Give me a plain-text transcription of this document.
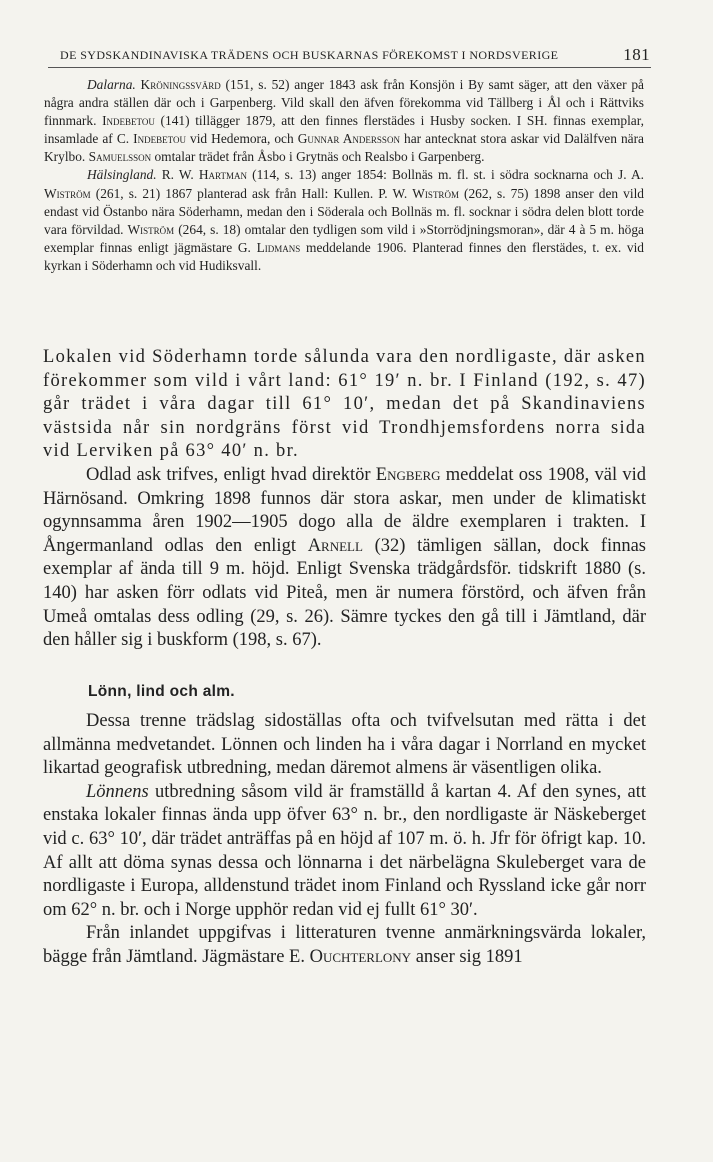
DE SYDSKANDINAVISKA TRÄDENS OCH BUSKARNAS FÖREKOMST I NORDSVERIGE	181

Dalarna. Kröningssvärd (151, s. 52) anger 1843 ask från Konsjön i By samt säger, att den växer på några andra ställen där och i Garpenberg. Vild skall den äfven förekomma vid Tällberg i Ål och i Rättviks finnmark. Indebetou (141) tillägger 1879, att den finnes flerstädes i Husby socken. I SH. finnas exemplar, insamlade af C. Indebetou vid Hedemora, och Gunnar Andersson har antecknat stora askar vid Dalälfven nära Krylbo. Samuelsson omtalar trädet från Åsbo i Grytnäs och Realsbo i Garpenberg.

Hälsingland. R. W. Hartman (114, s. 13) anger 1854: Bollnäs m. fl. st. i södra socknarna och J. A. Wiström (261, s. 21) 1867 planterad ask från Hall: Kullen. P. W. Wiström (262, s. 75) 1898 anser den vild endast vid Östanbo nära Söderhamn, medan den i Söderala och Bollnäs m. fl. socknar i södra delen blott torde vara förvildad. Wiström (264, s. 18) omtalar den tydligen som vild i »Storrödjningsmoran», där 4 à 5 m. höga exemplar finnas enligt jägmästare G. Lidmans meddelande 1906. Planterad finnes den flerstädes, t. ex. vid kyrkan i Söderhamn och vid Hudiksvall.

Lokalen vid Söderhamn torde sålunda vara den nordligaste, där asken förekommer som vild i vårt land: 61° 19′ n. br. I Finland (192, s. 47) går trädet i våra dagar till 61° 10′, medan det på Skandinaviens västsida når sin nordgräns först vid Trondhjemsfordens norra sida vid Lerviken på 63° 40′ n. br.

Odlad ask trifves, enligt hvad direktör Engberg meddelat oss 1908, väl vid Härnösand. Omkring 1898 funnos där stora askar, men under de klimatiskt ogynnsamma åren 1902—1905 dogo alla de äldre exemplaren i trakten. I Ångermanland odlas den enligt Arnell (32) tämligen sällan, dock finnas exemplar af ända till 9 m. höjd. Enligt Svenska trädgårdsför. tidskrift 1880 (s. 140) har asken förr odlats vid Piteå, men är numera förstörd, och äfven från Umeå omtalas dess odling (29, s. 26). Sämre tyckes den gå till i Jämtland, där den håller sig i buskform (198, s. 67).

Lönn, lind och alm.

Dessa trenne trädslag sidoställas ofta och tvifvelsutan med rätta i det allmänna medvetandet. Lönnen och linden ha i våra dagar i Norrland en mycket likartad geografisk utbredning, medan däremot almens är väsentligen olika.

Lönnens utbredning såsom vild är framställd å kartan 4. Af den synes, att enstaka lokaler finnas ända upp öfver 63° n. br., den nordligaste är Näskeberget vid c. 63° 10′, där trädet anträffas på en höjd af 107 m. ö. h. Jfr för öfrigt kap. 10. Af allt att döma synas dessa och lönnarna i det närbelägna Skuleberget vara de nordligaste i Europa, alldenstund trädet inom Finland och Ryssland icke går norr om 62° n. br. och i Norge upphör redan vid ej fullt 61° 30′.

Från inlandet uppgifvas i litteraturen tvenne anmärkningsvärda lokaler, bägge från Jämtland. Jägmästare E. Ouchterlony anser sig 1891
